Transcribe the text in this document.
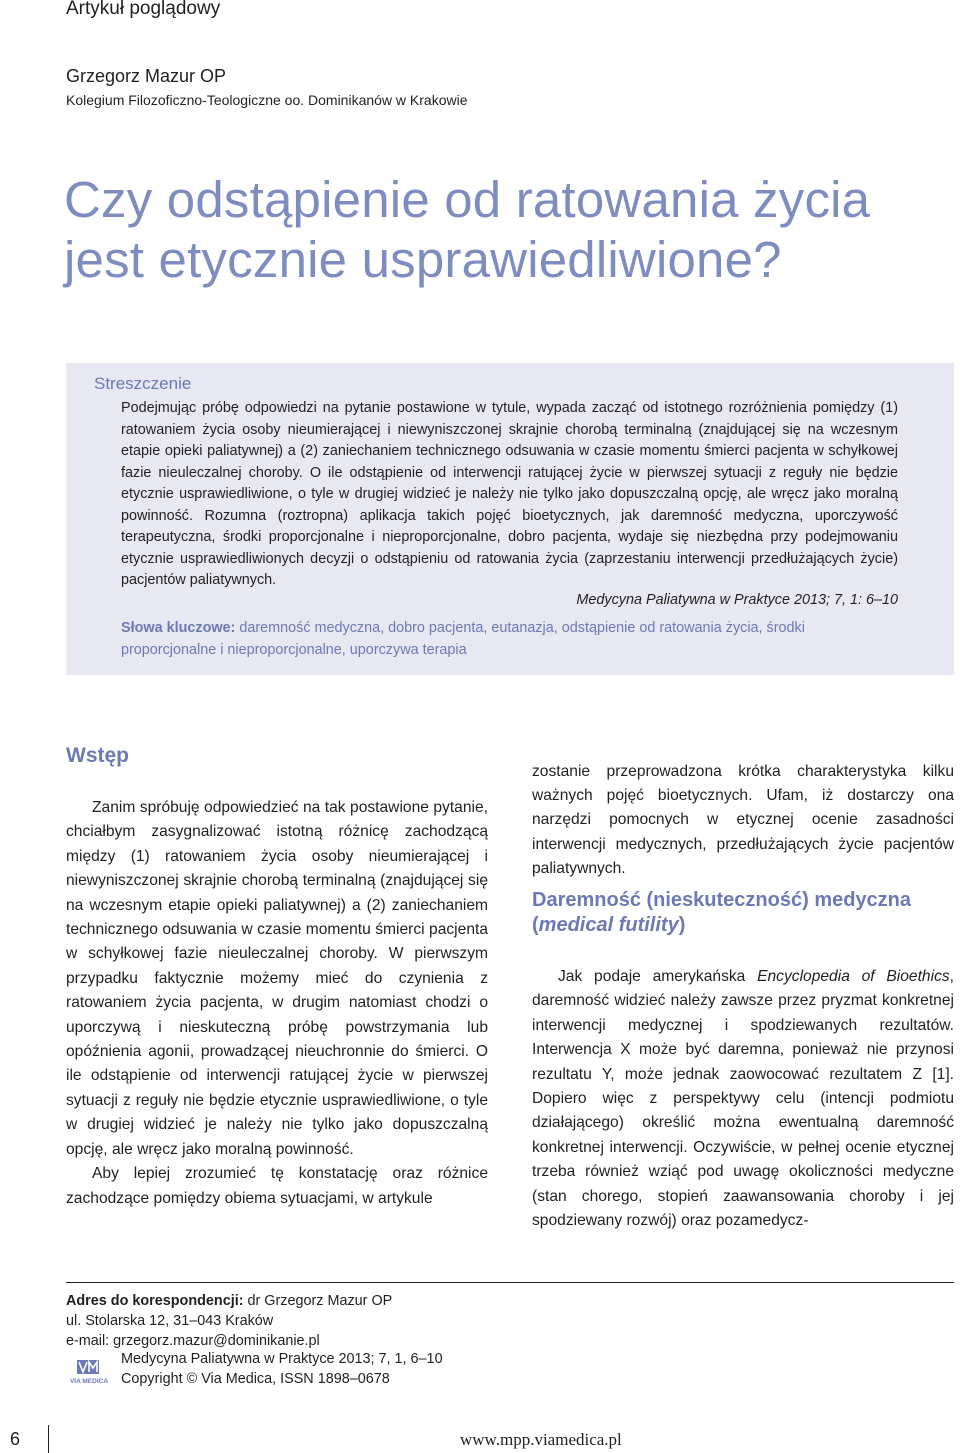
Artykuł poglądowy
Grzegorz Mazur OP
Kolegium Filozoficzno-Teologiczne oo. Dominikanów w Krakowie
Czy odstąpienie od ratowania życia
jest etycznie usprawiedliwione?
Streszczenie
Podejmując próbę odpowiedzi na pytanie postawione w tytule, wypada zacząć od istotnego rozróżnienia pomiędzy (1) ratowaniem życia osoby nieumierającej i niewyniszczonej skrajnie chorobą terminalną (znajdującej się na wczesnym etapie opieki paliatywnej) a (2) zaniechaniem technicznego odsuwania w czasie momentu śmierci pacjenta w schyłkowej fazie nieuleczalnej choroby. O ile odstąpienie od interwencji ratującej życie w pierwszej sytuacji z reguły nie będzie etycznie usprawiedliwione, o tyle w drugiej widzieć je należy nie tylko jako dopuszczalną opcję, ale wręcz jako moralną powinność. Rozumna (roztropna) aplikacja takich pojęć bioetycznych, jak daremność medyczna, uporczywość terapeutyczna, środki proporcjonalne i nieproporcjonalne, dobro pacjenta, wydaje się niezbędna przy podejmowaniu etycznie usprawiedliwionych decyzji o odstąpieniu od ratowania życia (zaprzestaniu interwencji przedłużających życie) pacjentów paliatywnych.
Medycyna Paliatywna w Praktyce 2013; 7, 1: 6–10
Słowa kluczowe: daremność medyczna, dobro pacjenta, eutanazja, odstąpienie od ratowania życia, środki proporcjonalne i nieproporcjonalne, uporczywa terapia
Wstęp

Zanim spróbuję odpowiedzieć na tak postawione pytanie, chciałbym zasygnalizować istotną różnicę zachodzącą między (1) ratowaniem życia osoby nieumierającej i niewyniszczonej skrajnie chorobą terminalną (znajdującej się na wczesnym etapie opieki paliatywnej) a (2) zaniechaniem technicznego odsuwania w czasie momentu śmierci pacjenta w schyłkowej fazie nieuleczalnej choroby. W pierwszym przypadku faktycznie możemy mieć do czynienia z ratowaniem życia pacjenta, w drugim natomiast chodzi o uporczywą i nieskuteczną próbę powstrzymania lub opóźnienia agonii, prowadzącej nieuchronnie do śmierci. O ile odstąpienie od interwencji ratującej życie w pierwszej sytuacji z reguły nie będzie etycznie usprawiedliwione, o tyle w drugiej widzieć je należy nie tylko jako dopuszczalną opcję, ale wręcz jako moralną powinność.

Aby lepiej zrozumieć tę konstatację oraz różnice zachodzące pomiędzy obiema sytuacjami, w artykule

zostanie przeprowadzona krótka charakterystyka kilku ważnych pojęć bioetycznych. Ufam, iż dostarczy ona narzędzi pomocnych w etycznej ocenie zasadności interwencji medycznych, przedłużających życie pacjentów paliatywnych.

Daremność (nieskuteczność) medyczna (medical futility)

Jak podaje amerykańska Encyclopedia of Bioethics, daremność widzieć należy zawsze przez pryzmat konkretnej interwencji medycznej i spodziewanych rezultatów. Interwencja X może być daremna, ponieważ nie przynosi rezultatu Y, może jednak zaowocować rezultatem Z [1]. Dopiero więc z perspektywy celu (intencji podmiotu działającego) określić można ewentualną daremność konkretnej interwencji. Oczywiście, w pełnej ocenie etycznej trzeba również wziąć pod uwagę okoliczności medyczne (stan chorego, stopień zaawansowania choroby i jej spodziewany rozwój) oraz pozamedycz-

Adres do korespondencji: dr Grzegorz Mazur OP
ul. Stolarska 12, 31–043 Kraków
e-mail: grzegorz.mazur@dominikanie.pl
VIA MEDICA
Medycyna Paliatywna w Praktyce 2013; 7, 1, 6–10
Copyright © Via Medica, ISSN 1898–0678
6	www.mpp.viamedica.pl
